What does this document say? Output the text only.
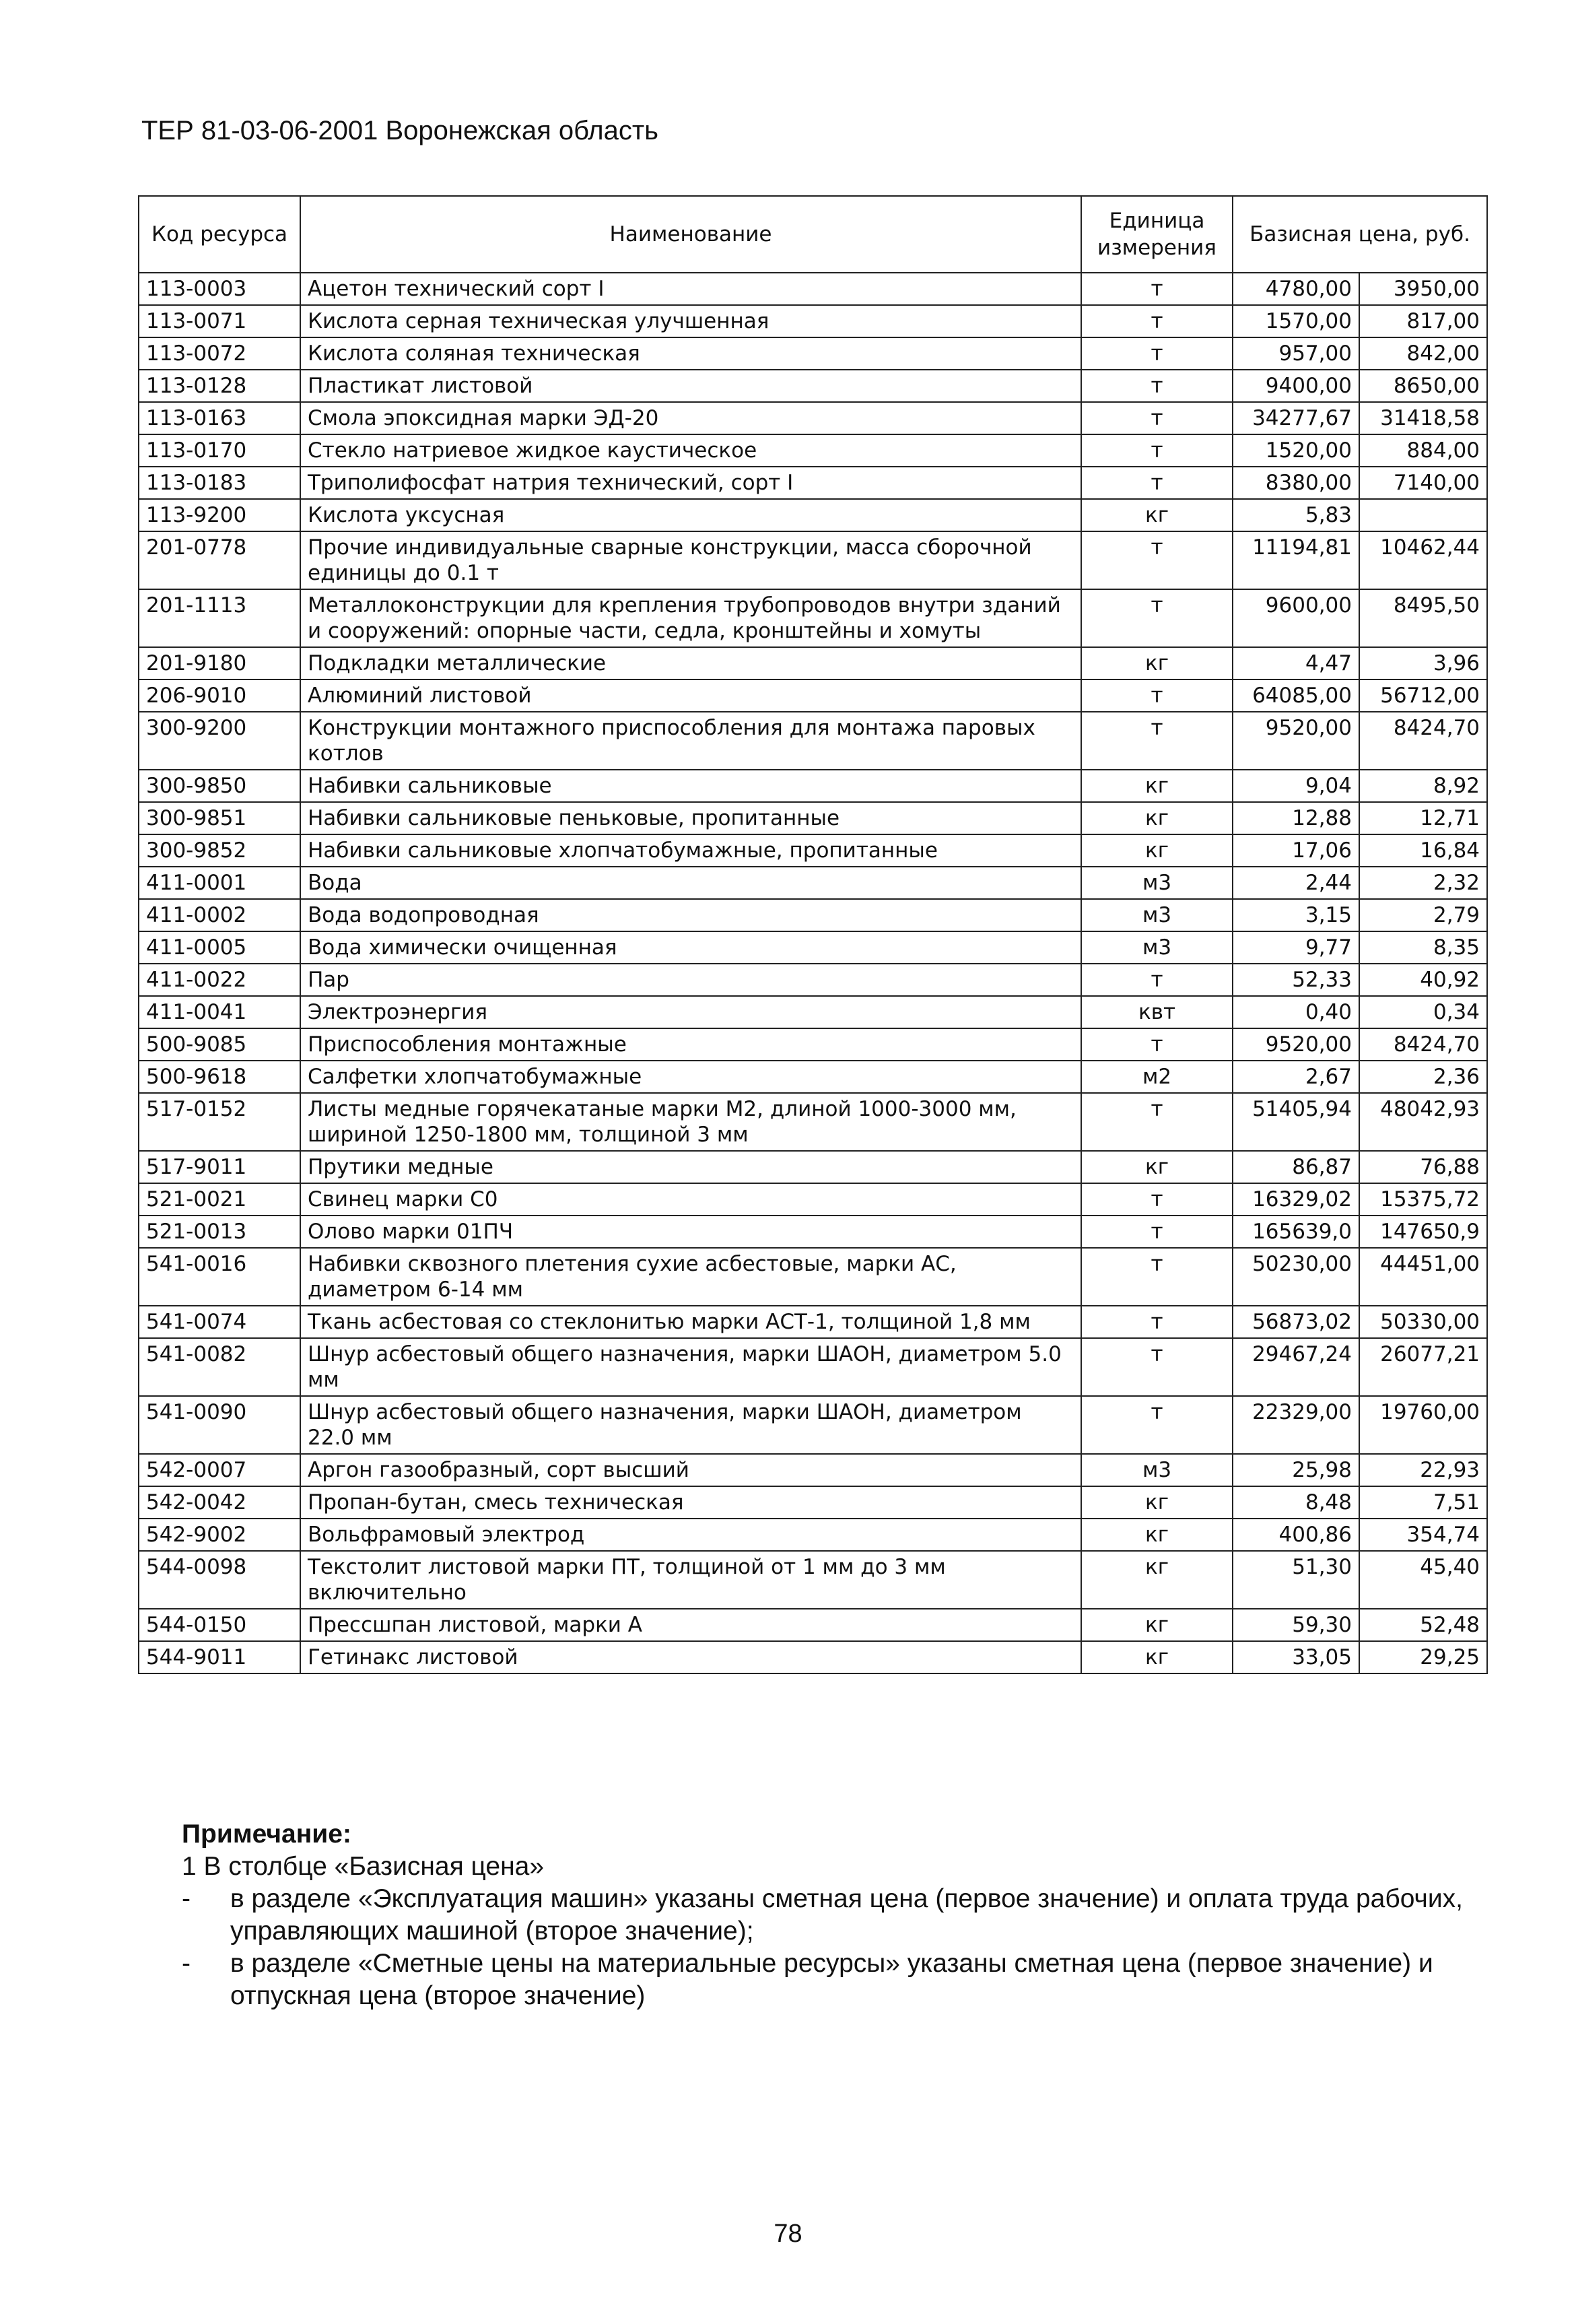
ТЕР 81-03-06-2001 Воронежская область
Код ресурса	Наименование	Единица измерения	Базисная цена, руб.	
113-0003	Ацетон технический сорт I	т	4780,00	3950,00
113-0071	Кислота серная техническая улучшенная	т	1570,00	817,00
113-0072	Кислота соляная техническая	т	957,00	842,00
113-0128	Пластикат листовой	т	9400,00	8650,00
113-0163	Смола эпоксидная марки ЭД-20	т	34277,67	31418,58
113-0170	Стекло натриевое жидкое каустическое	т	1520,00	884,00
113-0183	Триполифосфат натрия технический, сорт I	т	8380,00	7140,00
113-9200	Кислота уксусная	кг	5,83	
201-0778	Прочие индивидуальные сварные конструкции, масса сборочной единицы до 0.1 т	т	11194,81	10462,44
201-1113	Металлоконструкции для крепления трубопроводов внутри зданий и сооружений: опорные части, седла, кронштейны и хомуты	т	9600,00	8495,50
201-9180	Подкладки металлические	кг	4,47	3,96
206-9010	Алюминий листовой	т	64085,00	56712,00
300-9200	Конструкции монтажного приспособления для монтажа паровых котлов	т	9520,00	8424,70
300-9850	Набивки сальниковые	кг	9,04	8,92
300-9851	Набивки сальниковые пеньковые, пропитанные	кг	12,88	12,71
300-9852	Набивки сальниковые хлопчатобумажные, пропитанные	кг	17,06	16,84
411-0001	Вода	м3	2,44	2,32
411-0002	Вода водопроводная	м3	3,15	2,79
411-0005	Вода химически очищенная	м3	9,77	8,35
411-0022	Пар	т	52,33	40,92
411-0041	Электроэнергия	квт	0,40	0,34
500-9085	Приспособления монтажные	т	9520,00	8424,70
500-9618	Салфетки хлопчатобумажные	м2	2,67	2,36
517-0152	Листы медные горячекатаные марки М2, длиной 1000-3000 мм, шириной 1250-1800 мм, толщиной 3 мм	т	51405,94	48042,93
517-9011	Прутики медные	кг	86,87	76,88
521-0021	Свинец марки С0	т	16329,02	15375,72
521-0013	Олово марки 01ПЧ	т	165639,0	147650,9
541-0016	Набивки сквозного плетения сухие асбестовые, марки АС, диаметром 6-14 мм	т	50230,00	44451,00
541-0074	Ткань асбестовая со стеклонитью марки АСТ-1, толщиной 1,8 мм	т	56873,02	50330,00
541-0082	Шнур асбестовый общего назначения, марки ШАОН, диаметром 5.0 мм	т	29467,24	26077,21
541-0090	Шнур асбестовый общего назначения, марки ШАОН, диаметром 22.0 мм	т	22329,00	19760,00
542-0007	Аргон газообразный, сорт высший	м3	25,98	22,93
542-0042	Пропан-бутан, смесь техническая	кг	8,48	7,51
542-9002	Вольфрамовый электрод	кг	400,86	354,74
544-0098	Текстолит листовой марки ПТ, толщиной от 1 мм до 3 мм включительно	кг	51,30	45,40
544-0150	Прессшпан листовой, марки А	кг	59,30	52,48
544-9011	Гетинакс листовой	кг	33,05	29,25
Примечание:
1 В столбце «Базисная цена»
-	в разделе «Эксплуатация машин» указаны сметная цена (первое значение) и оплата труда рабочих, управляющих машиной (второе значение);
-	в разделе «Сметные цены на материальные ресурсы» указаны сметная цена (первое значение) и отпускная цена (второе значение)
78
